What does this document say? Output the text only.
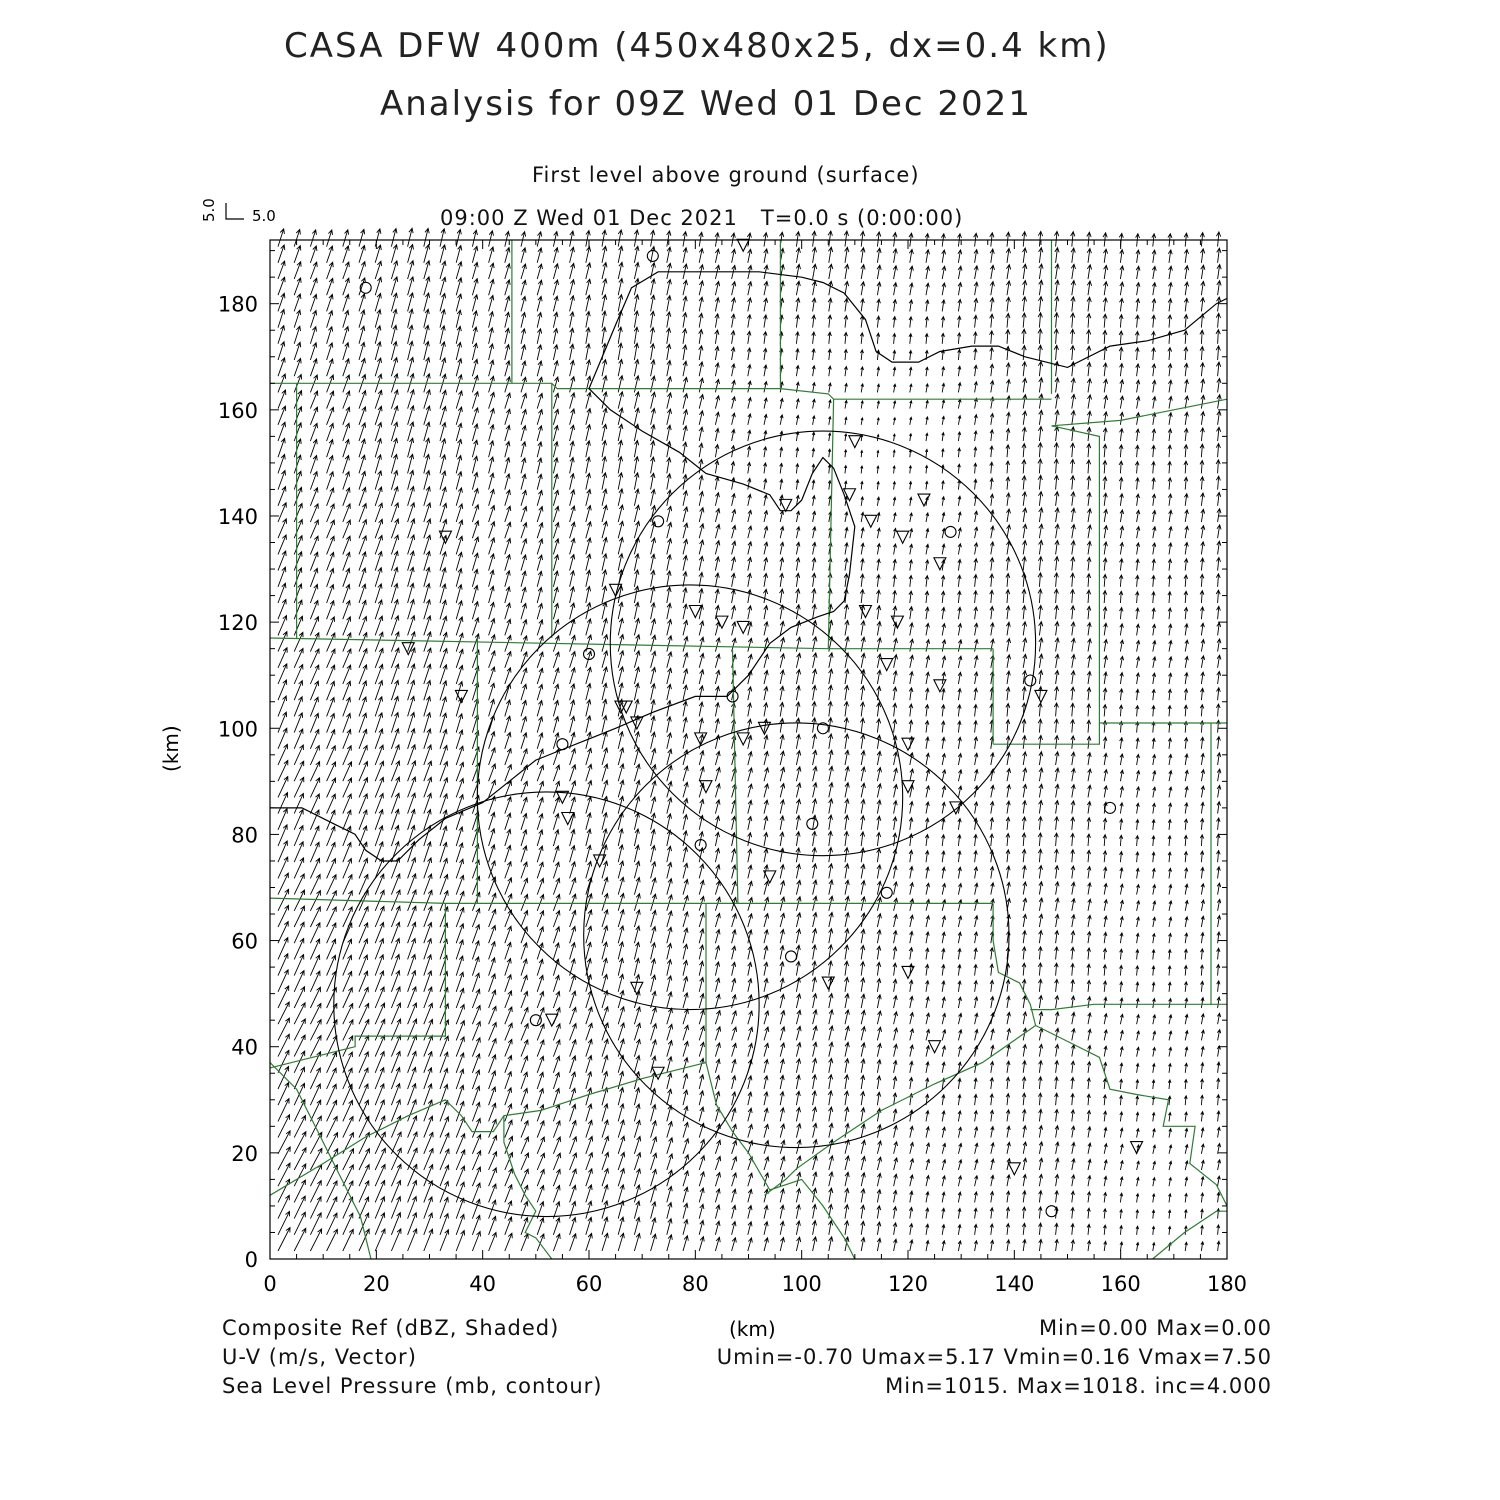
CASA DFW 400m (450x480x25, dx=0.4 km)
Analysis for 09Z Wed 01 Dec 2021
First level above ground (surface)
09:00 Z Wed 01 Dec 2021   T=0.0 s (0:00:00)
0	20	40	60	80	100	120	140	160	180
0
20
40
60
80
100
120
140
160
180
5.0
5.0
(km)
(km)
Composite Ref (dBZ, Shaded)	Min=0.00 Max=0.00
U-V (m/s, Vector)	Umin=-0.70 Umax=5.17 Vmin=0.16 Vmax=7.50
Sea Level Pressure (mb, contour)	Min=1015. Max=1018. inc=4.000
